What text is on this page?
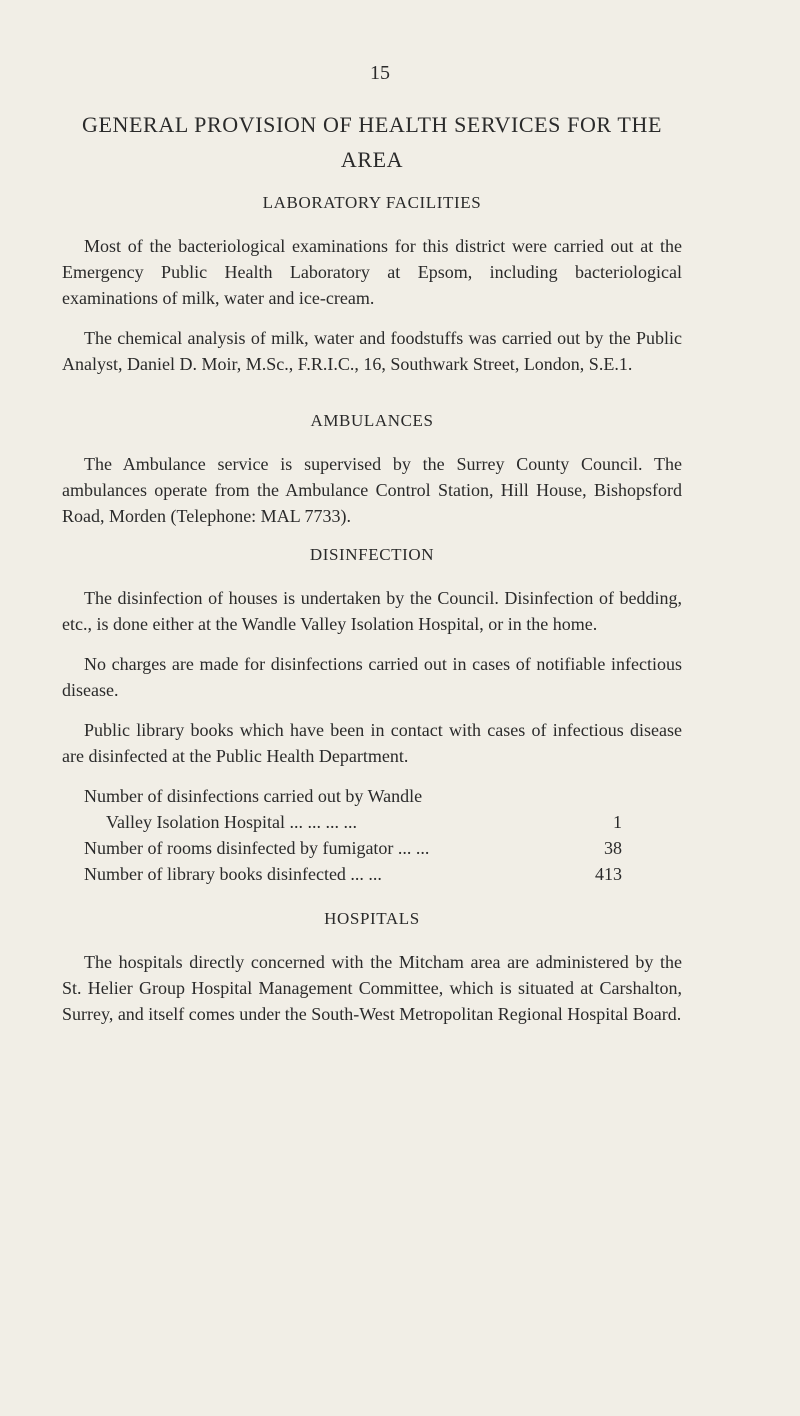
15
GENERAL PROVISION OF HEALTH SERVICES FOR THE AREA
LABORATORY FACILITIES

Most of the bacteriological examinations for this district were carried out at the Emergency Public Health Laboratory at Epsom, including bacteriological examinations of milk, water and ice-cream.

The chemical analysis of milk, water and foodstuffs was carried out by the Public Analyst, Daniel D. Moir, M.Sc., F.R.I.C., 16, Southwark Street, London, S.E.1.

AMBULANCES

The Ambulance service is supervised by the Surrey County Council. The ambulances operate from the Ambulance Control Station, Hill House, Bishopsford Road, Morden (Telephone: MAL 7733).

DISINFECTION

The disinfection of houses is undertaken by the Council. Disinfection of bedding, etc., is done either at the Wandle Valley Isolation Hospital, or in the home.

No charges are made for disinfections carried out in cases of notifiable infectious disease.

Public library books which have been in contact with cases of infectious disease are disinfected at the Public Health Department.

Number of disinfections carried out by Wandle	
Valley Isolation Hospital ... ... ... ...	1
Number of rooms disinfected by fumigator ... ...	38
Number of library books disinfected ... ...	413
HOSPITALS

The hospitals directly concerned with the Mitcham area are administered by the St. Helier Group Hospital Management Committee, which is situated at Carshalton, Surrey, and itself comes under the South-West Metropolitan Regional Hospital Board.
